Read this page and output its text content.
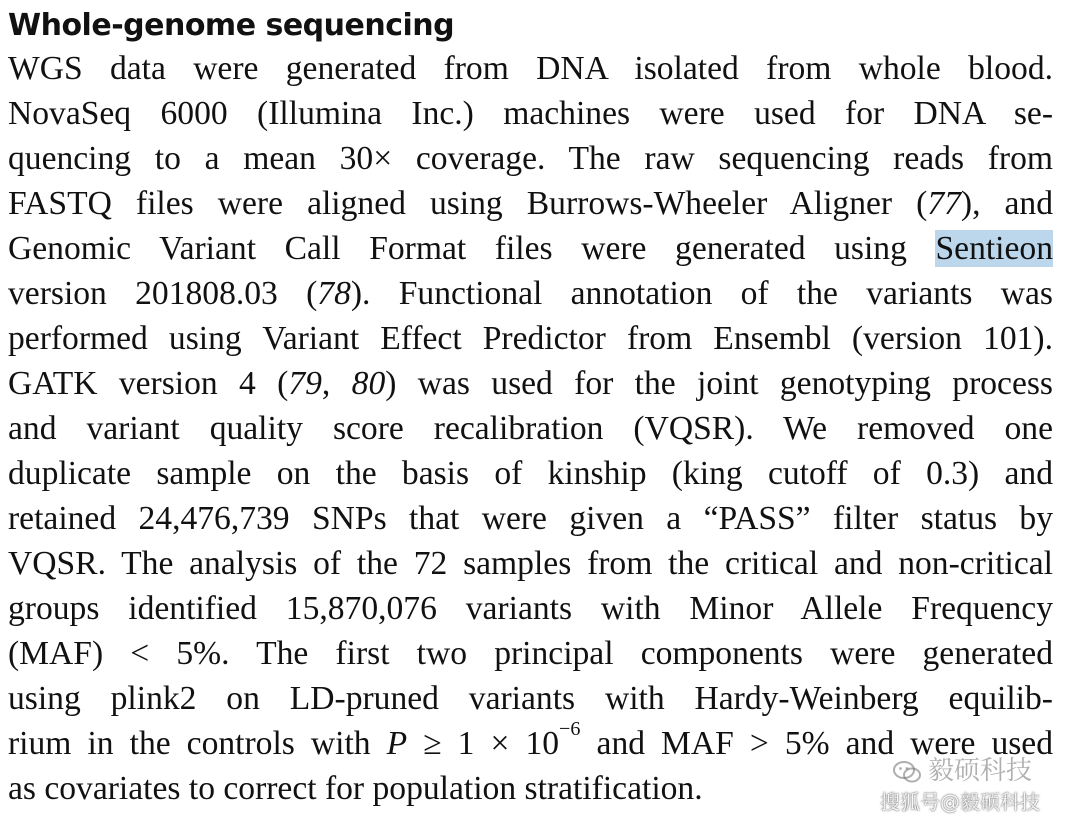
Whole-genome sequencing
WGS data were generated from DNA isolated from whole blood.
NovaSeq 6000 (Illumina Inc.) machines were used for DNA se-
quencing to a mean 30× coverage. The raw sequencing reads from
FASTQ files were aligned using Burrows-Wheeler Aligner (77), and
Genomic Variant Call Format files were generated using Sentieon
version 201808.03 (78). Functional annotation of the variants was
performed using Variant Effect Predictor from Ensembl (version 101).
GATK version 4 (79, 80) was used for the joint genotyping process
and variant quality score recalibration (VQSR). We removed one
duplicate sample on the basis of kinship (king cutoff of 0.3) and
retained 24,476,739 SNPs that were given a “PASS” filter status by
VQSR. The analysis of the 72 samples from the critical and non-critical
groups identified 15,870,076 variants with Minor Allele Frequency
(MAF) < 5%. The first two principal components were generated
using plink2 on LD-pruned variants with Hardy-Weinberg equilib-
rium in the controls with $P \ge 1 \times 10^{-6}$ and MAF > 5% and were used
as covariates to correct for population stratification.	毅硕科技
搜狐号@毅硕科技
